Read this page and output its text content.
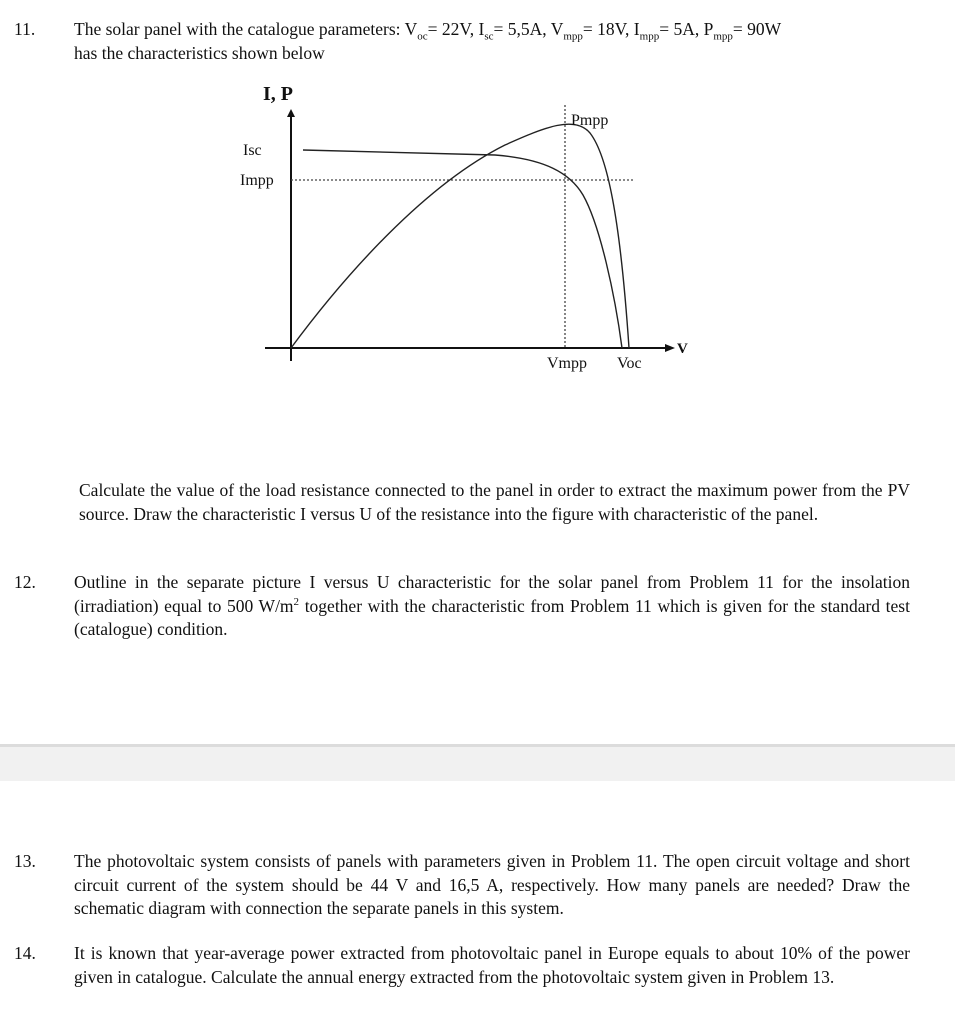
11. The solar panel with the catalogue parameters: $V_{oc}= 22V$, $I_{sc}= 5,5A$, $V_{mpp}= 18V$, $I_{mpp}= 5A$, $P_{mpp}= 90W$
has the characteristics shown below
I, P
Isc
Impp
Pmpp
Vmpp Voc
V
Calculate the value of the load resistance connected to the panel in order to extract the maximum power from the PV source. Draw the characteristic I versus U of the resistance into the figure with characteristic of the panel.
12. Outline in the separate picture I versus U characteristic for the solar panel from Problem 11 for the insolation (irradiation) equal to 500 $W/m^2$ together with the characteristic from Problem 11 which is given for the standard test (catalogue) condition.
13. The photovoltaic system consists of panels with parameters given in Problem 11. The open circuit voltage and short circuit current of the system should be 44 V and 16,5 A, respectively. How many panels are needed? Draw the schematic diagram with connection the separate panels in this system.
14. It is known that year-average power extracted from photovoltaic panel in Europe equals to about 10% of the power given in catalogue. Calculate the annual energy extracted from the photovoltaic system given in Problem 13.
